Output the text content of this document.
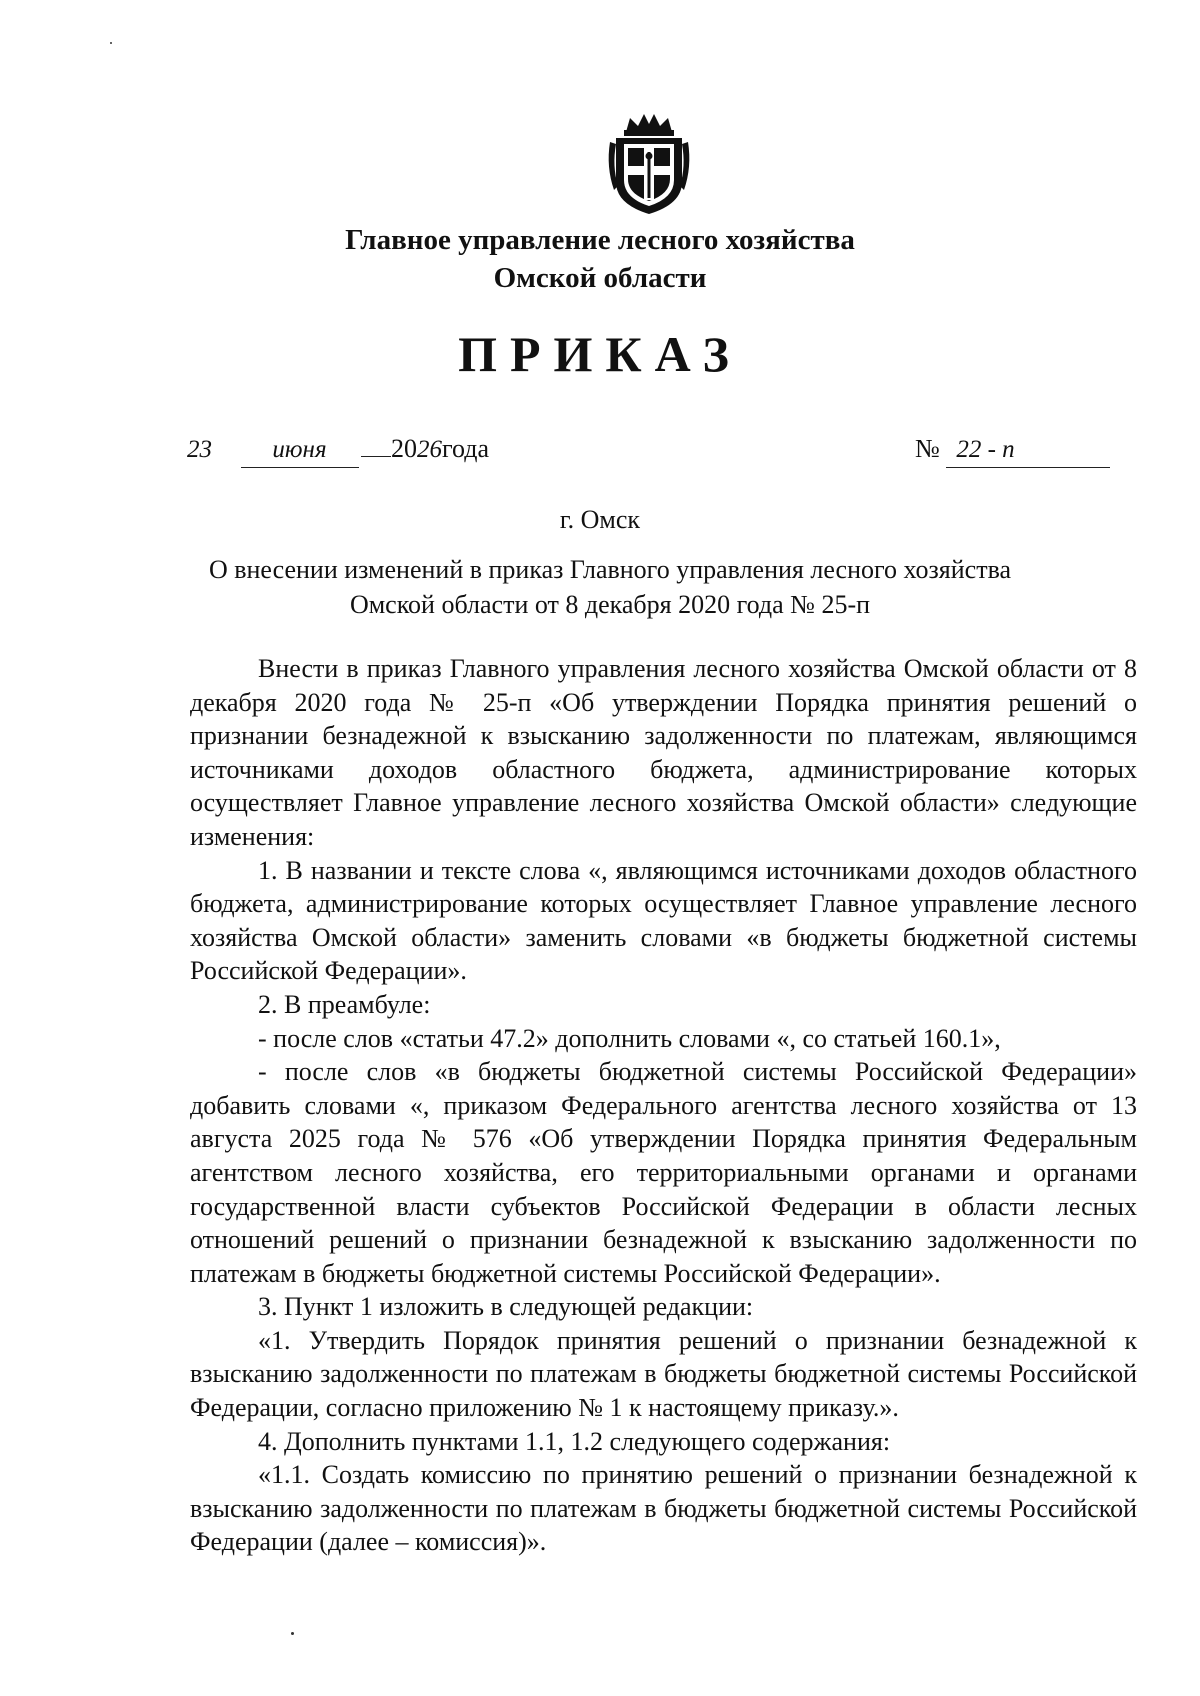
Главное управление лесного хозяйства
Омской области
ПРИКАЗ
23 июня 2026года	№ 22 - п
г. Омск
О внесении изменений в приказ Главного управления лесного хозяйства
Омской области от 8 декабря 2020 года № 25-п

Внести в приказ Главного управления лесного хозяйства Омской области от 8 декабря 2020 года № 25-п «Об утверждении Порядка принятия решений о признании безнадежной к взысканию задолженности по платежам, являющимся источниками доходов областного бюджета, администрирование которых осуществляет Главное управление лесного хозяйства Омской области» следующие изменения:

1. В названии и тексте слова «, являющимся источниками доходов областного бюджета, администрирование которых осуществляет Главное управление лесного хозяйства Омской области» заменить словами «в бюджеты бюджетной системы Российской Федерации».

2. В преамбуле:

- после слов «статьи 47.2» дополнить словами «, со статьей 160.1»,

- после слов «в бюджеты бюджетной системы Российской Федерации» добавить словами «, приказом Федерального агентства лесного хозяйства от 13 августа 2025 года № 576 «Об утверждении Порядка принятия Федеральным агентством лесного хозяйства, его территориальными органами и органами государственной власти субъектов Российской Федерации в области лесных отношений решений о признании безнадежной к взысканию задолженности по платежам в бюджеты бюджетной системы Российской Федерации».

3. Пункт 1 изложить в следующей редакции:

«1. Утвердить Порядок принятия решений о признании безнадежной к взысканию задолженности по платежам в бюджеты бюджетной системы Российской Федерации, согласно приложению № 1 к настоящему приказу.».

4. Дополнить пунктами 1.1, 1.2 следующего содержания:

«1.1. Создать комиссию по принятию решений о признании безнадежной к взысканию задолженности по платежам в бюджеты бюджетной системы Российской Федерации (далее – комиссия)».
